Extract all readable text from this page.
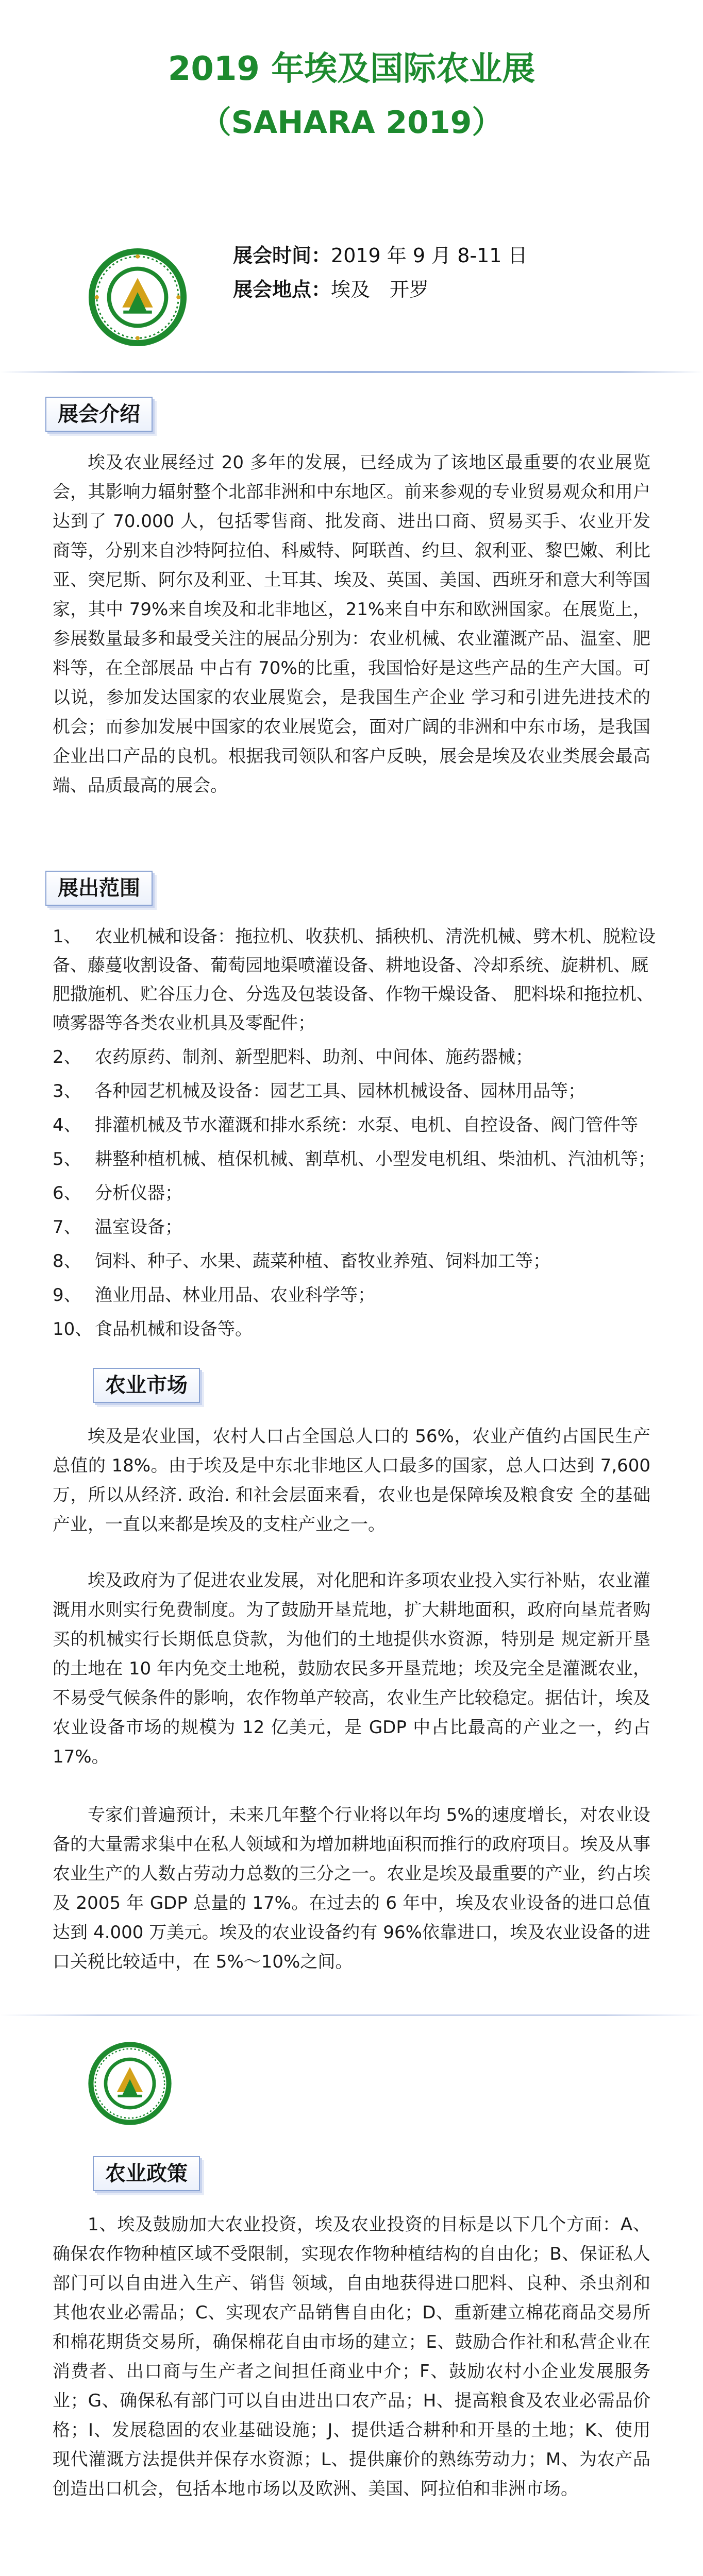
2019 年埃及国际农业展
（SAHARA 2019）
展会时间：2019 年 9 月 8-11 日
展会地点：埃及　开罗
展会介绍
埃及农业展经过 20 多年的发展，已经成为了该地区最重要的农业展览会，其影响力辐射整个北部非洲和中东地区。前来参观的专业贸易观众和用户达到了 70.000 人，包括零售商、批发商、进出口商、贸易买手、农业开发商等，分别来自沙特阿拉伯、科威特、阿联酋、约旦、叙利亚、黎巴嫩、利比亚、突尼斯、阿尔及利亚、土耳其、埃及、英国、美国、西班牙和意大利等国家，其中 79%来自埃及和北非地区，21%来自中东和欧洲国家。在展览上，参展数量最多和最受关注的展品分别为：农业机械、农业灌溉产品、温室、肥料等，在全部展品 中占有 70%的比重，我国恰好是这些产品的生产大国。可以说，参加发达国家的农业展览会，是我国生产企业 学习和引进先进技术的机会；而参加发展中国家的农业展览会，面对广阔的非洲和中东市场，是我国企业出口产品的良机。根据我司领队和客户反映，展会是埃及农业类展会最高端、品质最高的展会。
展出范围
1、 农业机械和设备：拖拉机、收获机、插秧机、清洗机械、劈木机、脱粒设备、藤蔓收割设备、葡萄园地渠喷灌设备、耕地设备、冷却系统、旋耕机、厩肥撒施机、贮谷压力仓、分选及包装设备、作物干燥设备、 肥料垛和拖拉机、喷雾器等各类农业机具及零配件；
2、 农药原药、制剂、新型肥料、助剂、中间体、施药器械；
3、 各种园艺机械及设备：园艺工具、园林机械设备、园林用品等；
4、 排灌机械及节水灌溉和排水系统：水泵、电机、自控设备、阀门管件等
5、 耕整种植机械、植保机械、割草机、小型发电机组、柴油机、汽油机等；
6、 分析仪器；
7、 温室设备；
8、 饲料、种子、水果、蔬菜种植、畜牧业养殖、饲料加工等；
9、 渔业用品、林业用品、农业科学等；
10、 食品机械和设备等。
农业市场
埃及是农业国，农村人口占全国总人口的 56%，农业产值约占国民生产总值的 18%。由于埃及是中东北非地区人口最多的国家，总人口达到 7,600万，所以从经济. 政治. 和社会层面来看，农业也是保障埃及粮食安 全的基础产业，一直以来都是埃及的支柱产业之一。
埃及政府为了促进农业发展，对化肥和许多项农业投入实行补贴，农业灌溉用水则实行免费制度。为了鼓励开垦荒地，扩大耕地面积，政府向垦荒者购买的机械实行长期低息贷款，为他们的土地提供水资源，特别是 规定新开垦的土地在 10 年内免交土地税，鼓励农民多开垦荒地；埃及完全是灌溉农业，不易受气候条件的影响，农作物单产较高，农业生产比较稳定。据估计，埃及农业设备市场的规模为 12 亿美元，是 GDP 中占比最高的产业之一，约占 17%。
专家们普遍预计，未来几年整个行业将以年均 5%的速度增长，对农业设备的大量需求集中在私人领域和为增加耕地面积而推行的政府项目。埃及从事农业生产的人数占劳动力总数的三分之一。农业是埃及最重要的产业，约占埃及 2005 年 GDP 总量的 17%。在过去的 6 年中，埃及农业设备的进口总值达到 4.000 万美元。埃及的农业设备约有 96%依靠进口，埃及农业设备的进口关税比较适中，在 5%～10%之间。
农业政策
1、埃及鼓励加大农业投资，埃及农业投资的目标是以下几个方面：A、确保农作物种植区域不受限制，实现农作物种植结构的自由化；B、保证私人部门可以自由进入生产、销售 领域，自由地获得进口肥料、良种、杀虫剂和其他农业必需品；C、实现农产品销售自由化；D、重新建立棉花商品交易所和棉花期货交易所，确保棉花自由市场的建立；E、鼓励合作社和私营企业在消费者、出口商与生产者之间担任商业中介；F、鼓励农村小企业发展服务业；G、确保私有部门可以自由进出口农产品；H、提高粮食及农业必需品价格；I、发展稳固的农业基础设施；J、提供适合耕种和开垦的土地；K、使用现代灌溉方法提供并保存水资源；L、提供廉价的熟练劳动力；M、为农产品创造出口机会，包括本地市场以及欧洲、美国、阿拉伯和非洲市场。
